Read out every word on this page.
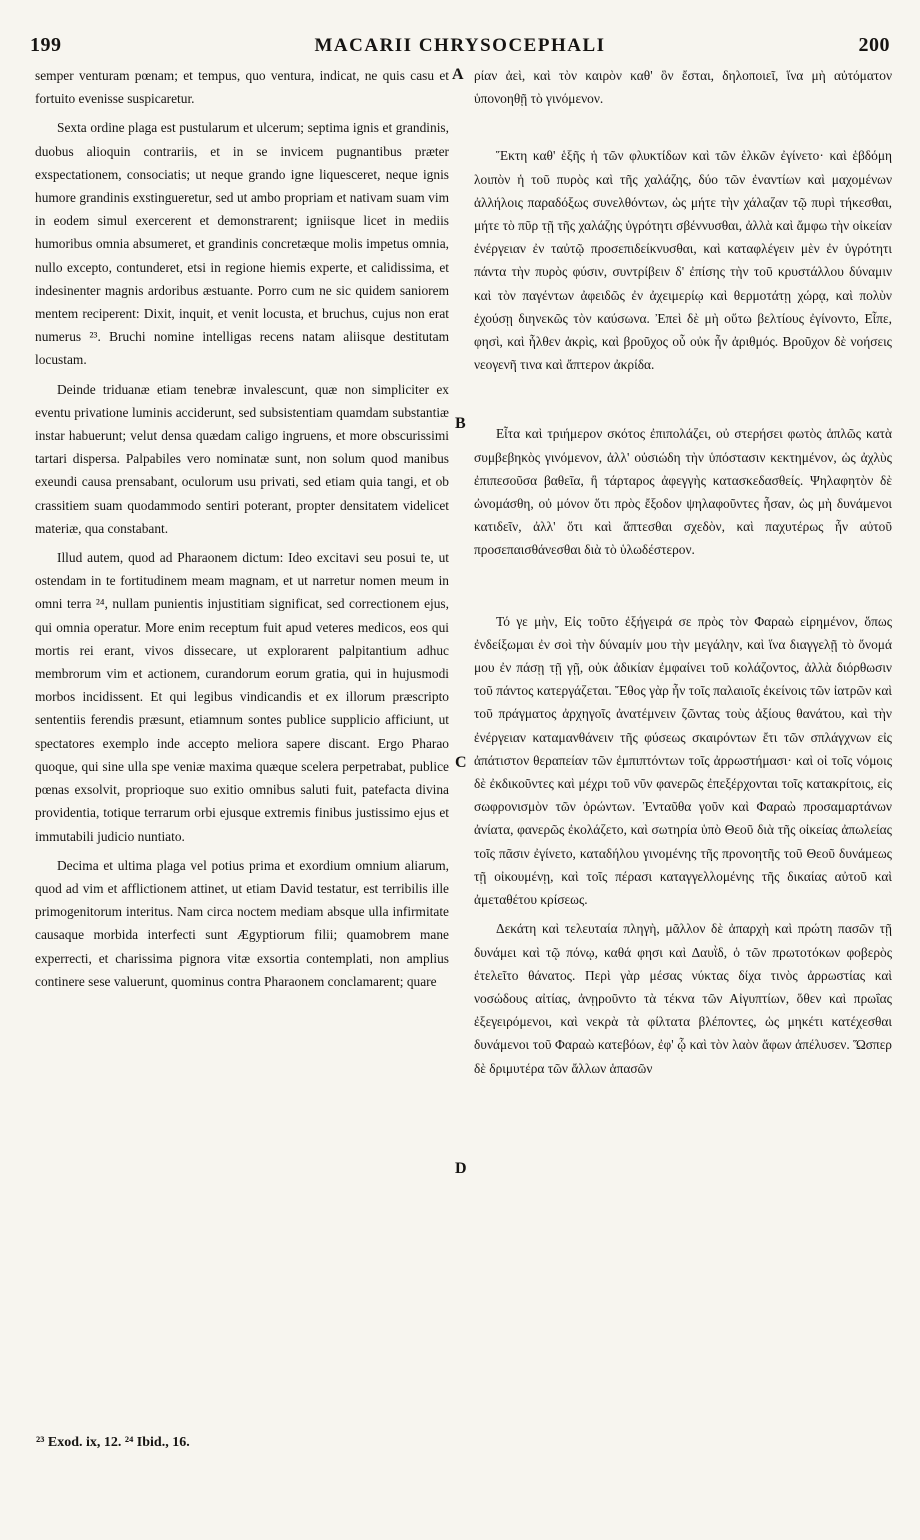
199	MACARII CHRYSOCEPHALI	200

semper venturam pœnam; et tempus, quo ventura, indicat, ne quis casu et fortuito evenisse suspicaretur.

Sexta ordine plaga est pustularum et ulcerum; septima ignis et grandinis, duobus alioquin contrariis, et in se invicem pugnantibus præter exspectationem, consociatis; ut neque grando igne liquesceret, neque ignis humore grandinis exstingueretur, sed ut ambo propriam et nativam suam vim in eodem simul exercerent et demonstrarent; igniisque licet in mediis humoribus omnia absumeret, et grandinis concretæque molis impetus omnia, nullo excepto, contunderet, etsi in regione hiemis experte, et calidissima, et indesinenter magnis ardoribus æstuante. Porro cum ne sic quidem saniorem mentem reciperent: Dixit, inquit, et venit locusta, et bruchus, cujus non erat numerus ²³. Bruchi nomine intelligas recens natam aliisque destitutam locustam.

Deinde triduanæ etiam tenebræ invalescunt, quæ non simpliciter ex eventu privatione luminis acciderunt, sed subsistentiam quamdam substantiæ instar habuerunt; velut densa quædam caligo ingruens, et more obscurissimi tartari dispersa. Palpabiles vero nominatæ sunt, non solum quod manibus exeundi causa prensabant, oculorum usu privati, sed etiam quia tangi, et ob crassitiem suam quodammodo sentiri poterant, propter densitatem videlicet materiæ, qua constabant.

Illud autem, quod ad Pharaonem dictum: Ideo excitavi seu posui te, ut ostendam in te fortitudinem meam magnam, et ut narretur nomen meum in omni terra ²⁴, nullam punientis injustitiam significat, sed correctionem ejus, qui omnia operatur. More enim receptum fuit apud veteres medicos, eos qui mortis rei erant, vivos dissecare, ut explorarent palpitantium adhuc membrorum vim et actionem, curandorum eorum gratia, qui in hujusmodi morbos incidissent. Et qui legibus vindicandis et ex illorum præscripto sententiis ferendis præsunt, etiamnum sontes publice supplicio afficiunt, ut spectatores exemplo inde accepto meliora sapere discant. Ergo Pharao quoque, qui sine ulla spe veniæ maxima quæque scelera perpetrabat, publice pœnas exsolvit, proprioque suo exitio omnibus saluti fuit, patefacta divina providentia, totique terrarum orbi ejusque extremis finibus justissimo ejus et immutabili judicio nuntiato.

Decima et ultima plaga vel potius prima et exordium omnium aliarum, quod ad vim et afflictionem attinet, ut etiam David testatur, est terribilis ille primogenitorum interitus. Nam circa noctem mediam absque ulla infirmitate causaque morbida interfecti sunt Ægyptiorum filii; quamobrem mane experrecti, et charissima pignora vitæ exsortia contemplati, non amplius continere sese valuerunt, quominus contra Pharaonem conclamarent; quare

A
B
C
D

ρίαν ἀεὶ, καὶ τὸν καιρὸν καθ' ὃν ἔσται, δηλοποιεῖ, ἵνα μὴ αὐτόματον ὑπονοηθῇ τὸ γινόμενον.

Ἕκτη καθ' ἑξῆς ἡ τῶν φλυκτίδων καὶ τῶν ἑλκῶν ἐγίνετο· καὶ ἑβδόμη λοιπὸν ἡ τοῦ πυρὸς καὶ τῆς χαλάζης, δύο τῶν ἐναντίων καὶ μαχομένων ἀλλήλοις παραδόξως συνελθόντων, ὡς μήτε τὴν χάλαζαν τῷ πυρὶ τήκεσθαι, μήτε τὸ πῦρ τῇ τῆς χαλάζης ὑγρότητι σβέννυσθαι, ἀλλὰ καὶ ἄμφω τὴν οἰκείαν ἐνέργειαν ἐν ταὐτῷ προσεπιδείκνυσθαι, καὶ καταφλέγειν μὲν ἐν ὑγρότητι πάντα τὴν πυρὸς φύσιν, συντρίβειν δ' ἐπίσης τὴν τοῦ κρυστάλλου δύναμιν καὶ τὸν παγέντων ἀφειδῶς ἐν ἀχειμερίῳ καὶ θερμοτάτῃ χώρᾳ, καὶ πολὺν ἐχούσῃ διηνεκῶς τὸν καύσωνα. Ἐπεὶ δὲ μὴ οὕτω βελτίους ἐγίνοντο, Εἶπε, φησὶ, καὶ ἦλθεν ἀκρὶς, καὶ βροῦχος οὗ οὐκ ἦν ἀριθμός. Βροῦχον δὲ νοήσεις νεογενῆ τινα καὶ ἄπτερον ἀκρίδα.

Εἶτα καὶ τριήμερον σκότος ἐπιπολάζει, οὐ στερήσει φωτὸς ἁπλῶς κατὰ συμβεβηκὸς γινόμενον, ἀλλ' οὐσιώδη τὴν ὑπόστασιν κεκτημένον, ὡς ἀχλὺς ἐπιπεσοῦσα βαθεῖα, ἢ τάρταρος ἀφεγγὴς κατασκεδασθείς. Ψηλαφητὸν δὲ ὠνομάσθη, οὐ μόνον ὅτι πρὸς ἔξοδον ψηλαφοῦντες ἦσαν, ὡς μὴ δυνάμενοι κατιδεῖν, ἀλλ' ὅτι καὶ ἅπτεσθαι σχεδὸν, καὶ παχυτέρως ἦν αὐτοῦ προσεπαισθάνεσθαι διὰ τὸ ὑλωδέστερον.

Τό γε μὴν, Εἰς τοῦτο ἐξήγειρά σε πρὸς τὸν Φαραὼ εἰρημένον, ὅπως ἐνδείξωμαι ἐν σοὶ τὴν δύναμίν μου τὴν μεγάλην, καὶ ἵνα διαγγελῇ τὸ ὄνομά μου ἐν πάσῃ τῇ γῇ, οὐκ ἀδικίαν ἐμφαίνει τοῦ κολάζοντος, ἀλλὰ διόρθωσιν τοῦ πάντος κατεργάζεται. Ἔθος γὰρ ἦν τοῖς παλαιοῖς ἐκείνοις τῶν ἰατρῶν καὶ τοῦ πράγματος ἀρχηγοῖς ἀνατέμνειν ζῶντας τοὺς ἀξίους θανάτου, καὶ τὴν ἐνέργειαν καταμανθάνειν τῆς φύσεως σκαιρόντων ἔτι τῶν σπλάγχνων εἰς ἀπάτιστον θεραπείαν τῶν ἐμπιπτόντων τοῖς ἀρρωστήμασι· καὶ οἱ τοῖς νόμοις δὲ ἐκδικοῦντες καὶ μέχρι τοῦ νῦν φανερῶς ἐπεξέρχονται τοῖς κατακρίτοις, εἰς σωφρονισμὸν τῶν ὁρώντων. Ἐνταῦθα γοῦν καὶ Φαραὼ προσαμαρτάνων ἀνίατα, φανερῶς ἐκολάζετο, καὶ σωτηρία ὑπὸ Θεοῦ διὰ τῆς οἰκείας ἀπωλείας τοῖς πᾶσιν ἐγίνετο, καταδήλου γινομένης τῆς προνοητῆς τοῦ Θεοῦ δυνάμεως τῇ οἰκουμένῃ, καὶ τοῖς πέρασι καταγγελλομένης τῆς δικαίας αὐτοῦ καὶ ἀμεταθέτου κρίσεως.

Δεκάτη καὶ τελευταία πληγὴ, μᾶλλον δὲ ἀπαρχὴ καὶ πρώτη πασῶν τῇ δυνάμει καὶ τῷ πόνῳ, καθά φησι καὶ Δαυῒδ, ὁ τῶν πρωτοτόκων φοβερὸς ἐτελεῖτο θάνατος. Περὶ γὰρ μέσας νύκτας δίχα τινὸς ἀρρωστίας καὶ νοσώδους αἰτίας, ἀνῃροῦντο τὰ τέκνα τῶν Αἰγυπτίων, ὅθεν καὶ πρωΐας ἐξεγειρόμενοι, καὶ νεκρὰ τὰ φίλτατα βλέποντες, ὡς μηκέτι κατέχεσθαι δυνάμενοι τοῦ Φαραὼ κατεβόων, ἐφ' ᾧ καὶ τὸν λαὸν ἄφων ἀπέλυσεν. Ὥσπερ δὲ δριμυτέρα τῶν ἄλλων ἁπασῶν

²³ Exod. ix, 12. ²⁴ Ibid., 16.
